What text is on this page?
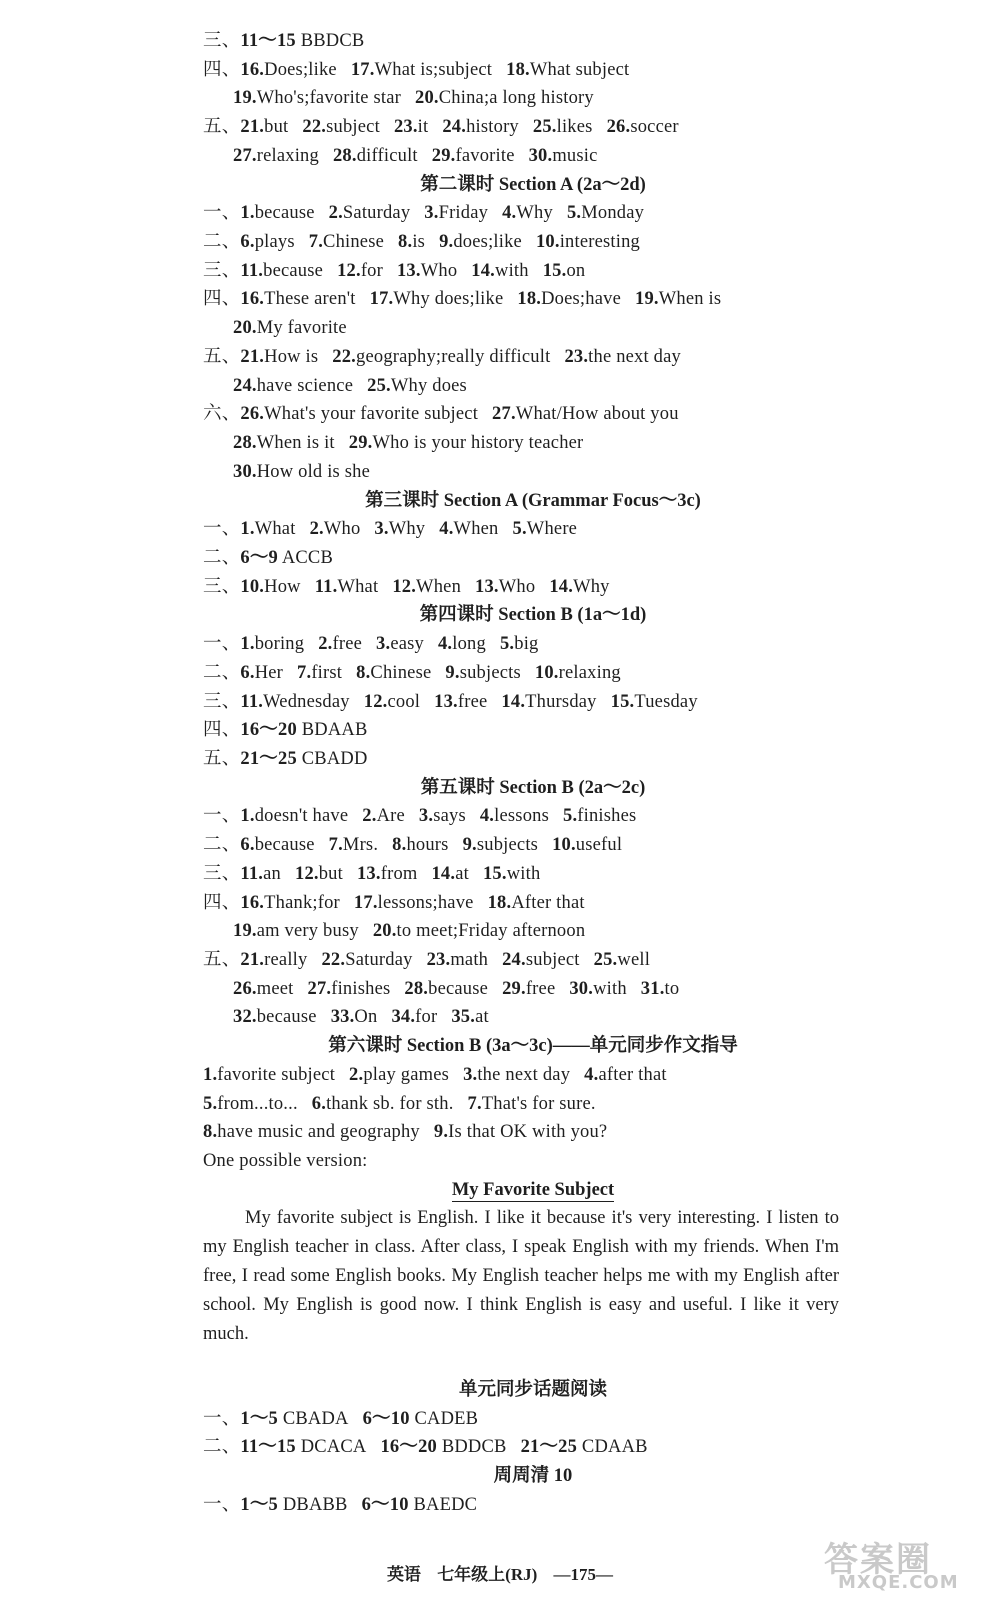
三、11～15 BBDCB
四、16.Does;like 17.What is;subject 18.What subject
19.Who's;favorite star 20.China;a long history
五、21.but 22.subject 23.it 24.history 25.likes 26.soccer
27.relaxing 28.difficult 29.favorite 30.music
第二课时 Section A (2a～2d)
一、1.because 2.Saturday 3.Friday 4.Why 5.Monday
二、6.plays 7.Chinese 8.is 9.does;like 10.interesting
三、11.because 12.for 13.Who 14.with 15.on
四、16.These aren't 17.Why does;like 18.Does;have 19.When is
20.My favorite
五、21.How is 22.geography;really difficult 23.the next day
24.have science 25.Why does
六、26.What's your favorite subject 27.What/How about you
28.When is it 29.Who is your history teacher
30.How old is she
第三课时 Section A (Grammar Focus～3c)
一、1.What 2.Who 3.Why 4.When 5.Where
二、6～9 ACCB
三、10.How 11.What 12.When 13.Who 14.Why
第四课时 Section B (1a～1d)
一、1.boring 2.free 3.easy 4.long 5.big
二、6.Her 7.first 8.Chinese 9.subjects 10.relaxing
三、11.Wednesday 12.cool 13.free 14.Thursday 15.Tuesday
四、16～20 BDAAB
五、21～25 CBADD
第五课时 Section B (2a～2c)
一、1.doesn't have 2.Are 3.says 4.lessons 5.finishes
二、6.because 7.Mrs. 8.hours 9.subjects 10.useful
三、11.an 12.but 13.from 14.at 15.with
四、16.Thank;for 17.lessons;have 18.After that
19.am very busy 20.to meet;Friday afternoon
五、21.really 22.Saturday 23.math 24.subject 25.well
26.meet 27.finishes 28.because 29.free 30.with 31.to
32.because 33.On 34.for 35.at
第六课时 Section B (3a～3c)——单元同步作文指导
1.favorite subject 2.play games 3.the next day 4.after that
5.from...to... 6.thank sb. for sth. 7.That's for sure.
8.have music and geography 9.Is that OK with you?
One possible version:
My Favorite Subject
My favorite subject is English. I like it because it's very interesting. I listen to my English teacher in class. After class, I speak English with my friends. When I'm free, I read some English books. My English teacher helps me with my English after school. My English is good now. I think English is easy and useful. I like it very much.
单元同步话题阅读
一、1～5 CBADA 6～10 CADEB
二、11～15 DCACA 16～20 BDDCB 21～25 CDAAB
周周清 10
一、1～5 DBABB 6～10 BAEDC
英语 七年级上(RJ) —175—	答案圈
MXQE.COM
